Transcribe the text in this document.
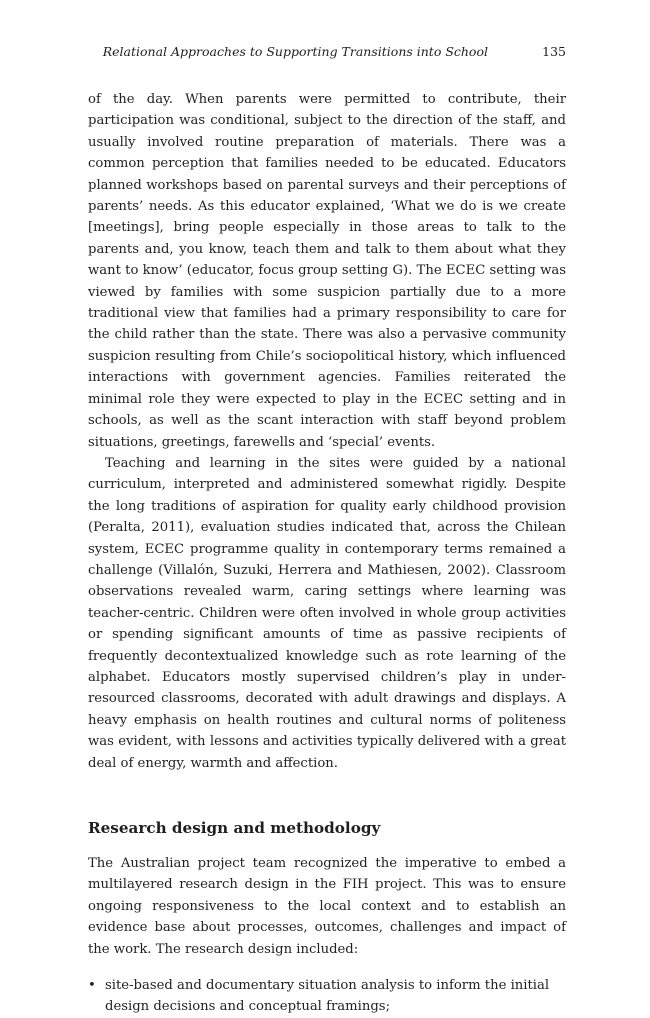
Relational Approaches to Supporting Transitions into School	135

of the day. When parents were permitted to contribute, their participation was conditional, subject to the direction of the staff, and usually involved routine preparation of materials. There was a common perception that families needed to be educated. Educators planned workshops based on parental surveys and their perceptions of parents’ needs. As this educator explained, ‘What we do is we create [meetings], bring people especially in those areas to talk to the parents and, you know, teach them and talk to them about what they want to know’ (educator, focus group setting G). The ECEC setting was viewed by families with some suspicion partially due to a more traditional view that families had a primary responsibility to care for the child rather than the state. There was also a pervasive community suspicion resulting from Chile’s sociopolitical history, which influenced interactions with government agencies. Families reiterated the minimal role they were expected to play in the ECEC setting and in schools, as well as the scant interaction with staff beyond problem situations, greetings, farewells and ‘special’ events.

Teaching and learning in the sites were guided by a national curriculum, interpreted and administered somewhat rigidly. Despite the long traditions of aspiration for quality early childhood provision (Peralta, 2011), evaluation studies indicated that, across the Chilean system, ECEC programme quality in contemporary terms remained a challenge (Villalón, Suzuki, Herrera and Mathiesen, 2002). Classroom observations revealed warm, caring settings where learning was teacher-centric. Children were often involved in whole group activities or spending significant amounts of time as passive recipients of frequently decontextualized knowledge such as rote learning of the alphabet. Educators mostly supervised children’s play in under-resourced classrooms, decorated with adult drawings and displays. A heavy emphasis on health routines and cultural norms of politeness was evident, with lessons and activities typically delivered with a great deal of energy, warmth and affection.

Research design and methodology

The Australian project team recognized the imperative to embed a multilayered research design in the FIH project. This was to ensure ongoing responsiveness to the local context and to establish an evidence base about processes, outcomes, challenges and impact of the work. The research design included:

• site-based and documentary situation analysis to inform the initial design decisions and conceptual framings;
